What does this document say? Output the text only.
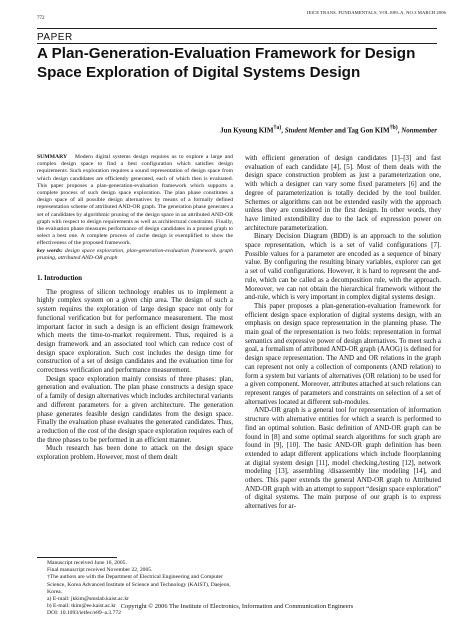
IEICE TRANS. FUNDAMENTALS, VOL.E89–A, NO.3 MARCH 2006
772
PAPER
A Plan-Generation-Evaluation Framework for Design Space Exploration of Digital Systems Design
Jun Kyoung KIM$^{\dagger a)}$, Student Member and Tag Gon KIM$^{\dagger b)}$, Nonmember

SUMMARY Modern digital systems design requires us to explore a large and complex design space to find a best configuration which satisfies design requirements. Such exploration requires a sound representation of design space from which design candidates are efficiently generated, each of which then is evaluated. This paper proposes a plan-generation-evaluation framework which supports a complete process of such design space exploration. The plan phase constitutes a design space of all possible design alternatives by means of a formally defined representation scheme of attributed AND-OR graph. The generation phase generates a set of candidates by algorithmic pruning of the design space in an attributed AND-OR graph with respect to design requirements as well as architectural constraints. Finally, the evaluation phase measures performance of design candidates in a pruned graph to select a best one. A complete process of cache design is exemplified to show the effectiveness of the proposed framework.

key words: design space exploration, plan-generation-evaluation framework, graph pruning, attributed AND-OR graph

1. Introduction

The progress of silicon technology enables us to implement a highly complex system on a given chip area. The design of such a system requires the exploration of large design space not only for functional verification but for performance measurement. The most important factor in such a design is an efficient design framework which meets the time-to-market requirement. Thus, required is a design framework and an associated tool which can reduce cost of design space exploration. Such cost includes the design time for construction of a set of design candidates and the evaluation time for correctness verification and performance measurement.

Design space exploration mainly consists of three phases: plan, generation and evaluation. The plan phase constructs a design space of a family of design alternatives which includes architectural variants and different parameters for a given architecture. The generation phase generates feasible design candidates from the design space. Finally the evaluation phase evaluates the generated candidates. Thus, a reduction of the cost of the design space exploration requires each of the three phases to be performed in an efficient manner.

Much research has been done to attack on the design space exploration problem. However, most of them dealt

with efficient generation of design candidates [1]–[3] and fast evaluation of each candidate [4], [5]. Most of them deals with the design space construction problem as just a parameterization one, with which a designer can vary some fixed parameters [6] and the degree of parameterization is totally decided by the tool builder. Schemes or algorithms can not be extended easily with the approach unless they are considered in the first design. In other words, they have limited extendibility due to the lack of expression power on architecture parameterization.

Binary Decision Diagram (BDD) is an approach to the solution space representation, which is a set of valid configurations [7]. Possible values for a parameter are encoded as a sequence of binary value. By configuring the resulting binary variables, explorer can get a set of valid configurations. However, it is hard to represent the and-rule, which can be called as a decomposition rule, with the approach. Moreover, we can not obtain the hierarchical framework without the and-rule, which is very important in complex digital systems design.

This paper proposes a plan-generation-evaluation framework for efficient design space exploration of digital systems design, with an emphasis on design space representation in the planning phase. The main goal of the representation is two folds: representation in formal semantics and expressive power of design alternatives. To meet such a goal, a formalism of attributed AND-OR graph (AAOG) is defined for design space representation. The AND and OR relations in the graph can represent not only a collection of components (AND relation) to form a system but variants of alternatives (OR relation) to be used for a given component. Moreover, attributes attached at such relations can represent ranges of parameters and constraints on selection of a set of alternatives located at different sub-modules.

AND-OR graph is a general tool for representation of information structure with alternative entities for which a search is performed to find an optimal solution. Basic definition of AND-OR graph can be found in [8] and some optimal search algorithms for such graph are found in [9], [10]. The basic AND-OR graph definition has been extended to adapt different applications which include floorplanning at digital system design [11], model checking,/testing [12], network modeling [13], assembling /disassembly line modeling [14], and others. This paper extends the general AND-OR graph to Attributed AND-OR graph with an attempt to support “design space exploration” of digital systems. The main purpose of our graph is to express alternatives for ar-

Manuscript received June 16, 2005.

Final manuscript received November 22, 2005.

†The authors are with the Department of Electrical Engineering and Computer Science, Korea Advanced Institute of Science and Technology (KAIST), Daejeon, Korea.

a) E-mail: jkkim@smslab.kaist.ac.kr

b) E-mail: tkim@ee.kaist.ac.kr

DOI: 10.1093/ietfec/e89–a.3.772

Copyright © 2006 The Institute of Electronics, Information and Communication Engineers
